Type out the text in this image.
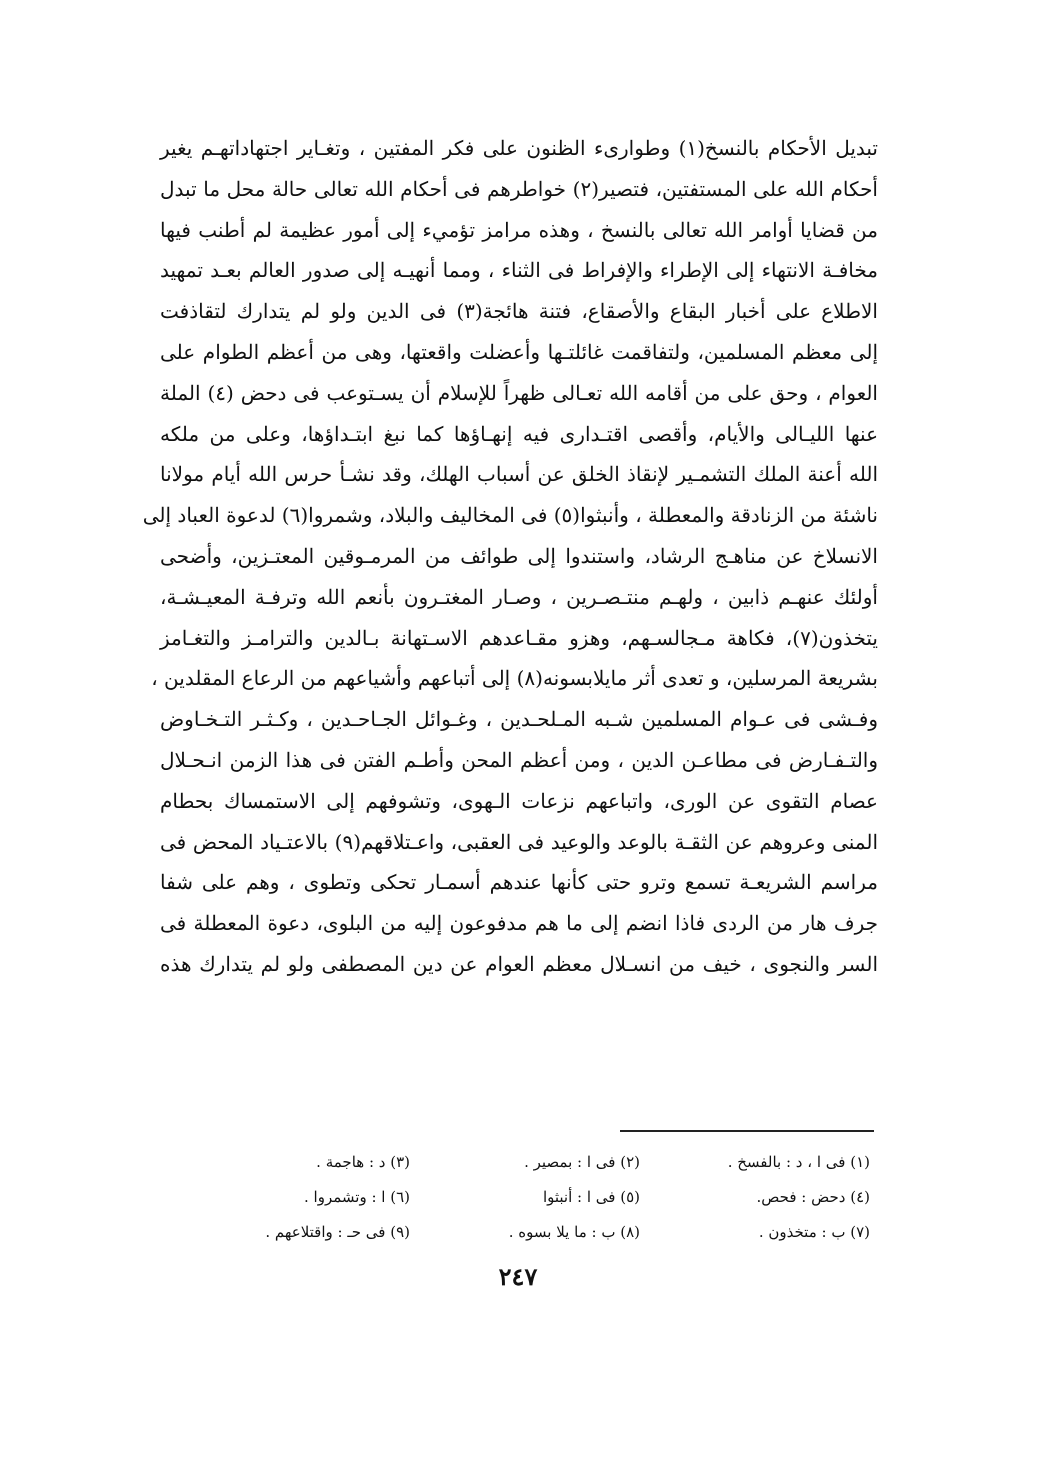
تبديل الأحكام بالنسخ(١) وطوارىء الظنون على فكر المفتين ، وتغـاير اجتهاداتهـم يغير
أحكام الله على المستفتين، فتصير(٢) خواطرهم فى أحكام الله تعالى حالة محل ما تبدل
من قضايا أوامر الله تعالى بالنسخ ، وهذه مرامز تؤميء إلى أمور عظيمة لم أطنب فيها
مخافـة الانتهاء إلى الإطراء والإفراط فى الثناء ، ومما أنهيـه إلى صدور العالم بعـد تمهيد
الاطلاع على أخبار البقاع والأصقاع، فتنة هائجة(٣) فى الدين ولو لم يتدارك لتقاذفت
إلى معظم المسلمين، ولتفاقمت غائلتـها وأعضلت واقعتها، وهى من أعظم الطوام على
العوام ، وحق على من أقامه الله تعـالى ظهراً للإسلام أن يسـتوعب فى دحض (٤) الملة
عنها الليـالى والأيام، وأقصى اقتـدارى فيه إنهـاؤها كما نبغ ابتـداؤها، وعلى من ملكه
الله أعنة الملك التشمـير لإنقاذ الخلق عن أسباب الهلك، وقد نشـأ حرس الله أيام مولانا
ناشئة من الزنادقة والمعطلة ، وأنبثوا(٥) فى المخاليف والبلاد، وشمروا(٦) لدعوة العباد إلى
الانسلاخ عن مناهـج الرشاد، واستندوا إلى طوائف من المرمـوقين المعتـزين، وأضحى
أولئك عنهـم ذابين ، ولهـم منتـصـرين ، وصـار المغتـرون بأنعم الله وترفـة المعيـشـة،
يتخذون(٧)، فكاهة مـجالسـهم، وهزو مقـاعدهم الاسـتهانة بـالدين والترامـز والتغـامز
بشريعة المرسلين، و تعدى أثر مايلابسونه(٨) إلى أتباعهم وأشياعهم من الرعاع المقلدين ،
وفـشى فى عـوام المسلمين شـبه المـلحـدين ، وغـوائل الجـاحـدين ، وكـثـر التـخـاوض
والتـفـارض فى مطاعـن الدين ، ومن أعظم المحن وأطـم الفتن فى هذا الزمن انـحـلال
عصام التقوى عن الورى، واتباعهم نزعات الـهوى، وتشوفهم إلى الاستمساك بحطام
المنى وعروهم عن الثقـة بالوعد والوعيد فى العقبى، واعـتلاقهم(٩) بالاعتـياد المحض فى
مراسم الشريعـة تسمع وترو حتى كأنها عندهم أسمـار تحكى وتطوى ، وهم على شفا
جرف هار من الردى فاذا انضم إلى ما هم مدفوعون إليه من البلوى، دعوة المعطلة فى
السر والنجوى ، خيف من انسـلال معظم العوام عن دين المصطفى ولو لم يتدارك هذه
(١) فى ا ، د : بالفسخ .
(٢) فى ا : بمصير .
(٣) د : هاجمة .
(٤) دحض : فحص.
(٥) فى ا : أنبثوا
(٦) ا : وتشمروا .
(٧) ب : متخذون .
(٨) ب : ما يلا بسوه .
(٩) فى حـ : واقتلاعهم .
٢٤٧
